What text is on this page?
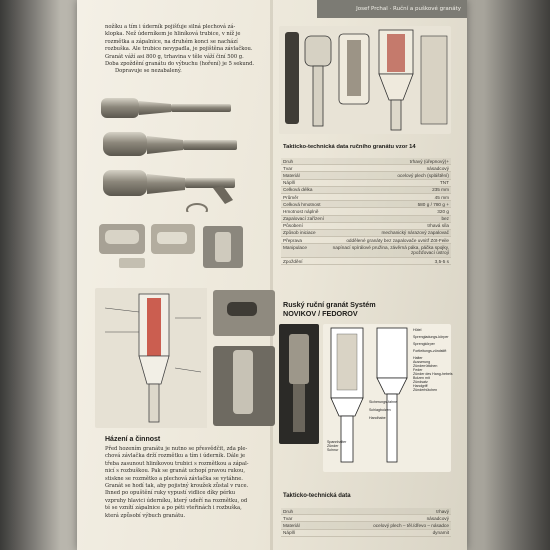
Josef Prchal · Ruční a puškové granáty
nožíku a tím i úderník pojišťuje silná plechová zá-
klopka. Než úderníkem je hliníková trubice, v níž je
rozmětka a zápalnice, na druhém konci se nachází
rozbuška. Ale trubice nevypadla, je pojištěna závlačkou.
Granát váží asi 800 g, trhavina v těle váží činí 500 g.
Doba zpoždění granátu do výbuchu (hoření) je 5 sekund.
Dopravuje se nezabalený.
Házení a činnost
Před hozením granátu je nutno se přesvědčit, zda ple-
chová závlačka drží rozmětku a tím i úderník. Dále je
třeba zasunout hliníkovou trubici s rozmětkou a zápal-
nicí s rozbuškou. Pak se granát uchopí pravou rukou,
stiskne se rozmětko a plechová závlačka se vytáhne.
Granát se hodí tak, aby pojistný kroužek zůstal v ruce.
Ihned po opuštění ruky vypustí vidlice díky pérku
vzpruhy hlavici úderníku, který udeří na rozmětku, od
té se vznítí zápalnice a po péti vteřinách i rozbuška,
která způsobí výbuch granátu.
Takticko-technická data ručního granátu vzor 14
Druh	trhavý (úřepnový)+
Tvar	násadcový
Materiál	ocelový plech (spláštění)
Náplň	TNT
Celková délka	235 mm
Průměr	45 mm
Celková hmotnost	580 g / 780 g +
Hmotnost náplně	320 g
Zapalovací zařízení	bez
Působení	trhavá síla
Způsob iniciace	mechanický nárazový zapalovač
Přeprava	oddělené granáty bez zapalovače uvnitř Zöt-Feile
Manipulace	napínací spírálové pružina, závěrná páka, páčka spojky, zpožďovací ústrojí
Zpoždění	3,5-5 s
Ruský ruční granát Systém
NOVIKOV / FEDOROV
Hütel
Sprengladungs-körper
Sprengkörper
Fortleitungs-zündstift
Halter
Ausserung
Zünderrüttchen
Feder
Zünder des Hang-hebels
Bolzen mit
Zündsatz
Handgriff
Zünderhütchen
Sicherungs-fahne
Schlagbolzen
Handhabe
Spannhalter
Zünder
Schnur
Takticko-technická data
Druh	trhavý
Tvar	násadcový
Materiál	ocelový plech – těl./dřevo – násadce
Náplň	dynamit
